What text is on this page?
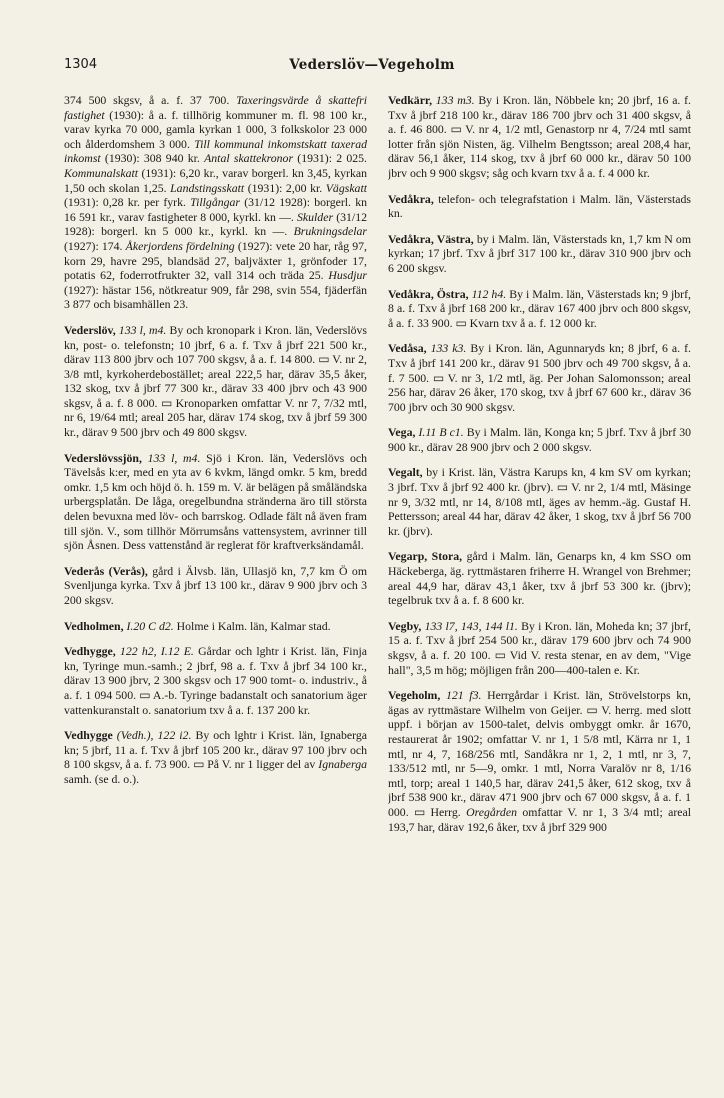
1304	Vederslöv—Vegeholm

374 500 skgsv, å a. f. 37 700. Taxeringsvärde å skattefri fastighet (1930): å a. f. tillhörig kommuner m. fl. 98 100 kr., varav kyrka 70 000, gamla kyrkan 1 000, 3 folkskolor 23 000 och ålderdomshem 3 000. Till kommunal inkomstskatt taxerad inkomst (1930): 308 940 kr. Antal skattekronor (1931): 2 025. Kommunalskatt (1931): 6,20 kr., varav borgerl. kn 3,45, kyrkan 1,50 och skolan 1,25. Landstingsskatt (1931): 2,00 kr. Vägskatt (1931): 0,28 kr. per fyrk. Tillgångar (31/12 1928): borgerl. kn 16 591 kr., varav fastigheter 8 000, kyrkl. kn —. Skulder (31/12 1928): borgerl. kn 5 000 kr., kyrkl. kn —. Brukningsdelar (1927): 174. Åkerjordens fördelning (1927): vete 20 har, råg 97, korn 29, havre 295, blandsäd 27, baljväxter 1, grönfoder 17, potatis 62, foderrotfrukter 32, vall 314 och träda 25. Husdjur (1927): hästar 156, nötkreatur 909, får 298, svin 554, fjäderfän 3 877 och bisamhällen 23.

Vederslöv, 133 l, m4. By och kronopark i Kron. län, Vederslövs kn, post- o. telefonstn; 10 jbrf, 6 a. f. Txv å jbrf 221 500 kr., därav 113 800 jbrv och 107 700 skgsv, å a. f. 14 800. ▭ V. nr 2, 3/8 mtl, kyrkoherdebostället; areal 222,5 har, därav 35,5 åker, 132 skog, txv å jbrf 77 300 kr., därav 33 400 jbrv och 43 900 skgsv, å a. f. 8 000. ▭ Kronoparken omfattar V. nr 7, 7/32 mtl, nr 6, 19/64 mtl; areal 205 har, därav 174 skog, txv å jbrf 59 300 kr., därav 9 500 jbrv och 49 800 skgsv.

Vederslövssjön, 133 l, m4. Sjö i Kron. län, Vederslövs och Tävelsås k:er, med en yta av 6 kvkm, längd omkr. 5 km, bredd omkr. 1,5 km och höjd ö. h. 159 m. V. är belägen på småländska urbergsplatån. De låga, oregelbundna stränderna äro till största delen bevuxna med löv- och barrskog. Odlade fält nå även fram till sjön. V., som tillhör Mörrumsåns vattensystem, avrinner till sjön Åsnen. Dess vattenstånd är reglerat för kraftverksändamål.

Vederås (Verås), gård i Älvsb. län, Ullasjö kn, 7,7 km Ö om Svenljunga kyrka. Txv å jbrf 13 100 kr., därav 9 900 jbrv och 3 200 skgsv.

Vedholmen, I.20 C d2. Holme i Kalm. län, Kalmar stad.

Vedhygge, 122 h2, I.12 E. Gårdar och lghtr i Krist. län, Finja kn, Tyringe mun.-samh.; 2 jbrf, 98 a. f. Txv å jbrf 34 100 kr., därav 13 900 jbrv, 2 300 skgsv och 17 900 tomt- o. industriv., å a. f. 1 094 500. ▭ A.-b. Tyringe badanstalt och sanatorium äger vattenkuranstalt o. sanatorium txv å a. f. 137 200 kr.

Vedhygge (Vedh.), 122 i2. By och lghtr i Krist. län, Ignaberga kn; 5 jbrf, 11 a. f. Txv å jbrf 105 200 kr., därav 97 100 jbrv och 8 100 skgsv, å a. f. 73 900. ▭ På V. nr 1 ligger del av Ignaberga samh. (se d. o.).

Vedkärr, 133 m3. By i Kron. län, Nöbbele kn; 20 jbrf, 16 a. f. Txv å jbrf 218 100 kr., därav 186 700 jbrv och 31 400 skgsv, å a. f. 46 800. ▭ V. nr 4, 1/2 mtl, Genastorp nr 4, 7/24 mtl samt lotter från sjön Nisten, äg. Vilhelm Bengtsson; areal 208,4 har, därav 56,1 åker, 114 skog, txv å jbrf 60 000 kr., därav 50 100 jbrv och 9 900 skgsv; såg och kvarn txv å a. f. 4 000 kr.

Vedåkra, telefon- och telegrafstation i Malm. län, Västerstads kn.

Vedåkra, Västra, by i Malm. län, Västerstads kn, 1,7 km N om kyrkan; 17 jbrf. Txv å jbrf 317 100 kr., därav 310 900 jbrv och 6 200 skgsv.

Vedåkra, Östra, 112 h4. By i Malm. län, Västerstads kn; 9 jbrf, 8 a. f. Txv å jbrf 168 200 kr., därav 167 400 jbrv och 800 skgsv, å a. f. 33 900. ▭ Kvarn txv å a. f. 12 000 kr.

Vedåsa, 133 k3. By i Kron. län, Agunnaryds kn; 8 jbrf, 6 a. f. Txv å jbrf 141 200 kr., därav 91 500 jbrv och 49 700 skgsv, å a. f. 7 500. ▭ V. nr 3, 1/2 mtl, äg. Per Johan Salomonsson; areal 256 har, därav 26 åker, 170 skog, txv å jbrf 67 600 kr., därav 36 700 jbrv och 30 900 skgsv.

Vega, I.11 B c1. By i Malm. län, Konga kn; 5 jbrf. Txv å jbrf 30 900 kr., därav 28 900 jbrv och 2 000 skgsv.

Vegalt, by i Krist. län, Västra Karups kn, 4 km SV om kyrkan; 3 jbrf. Txv å jbrf 92 400 kr. (jbrv). ▭ V. nr 2, 1/4 mtl, Mäsinge nr 9, 3/32 mtl, nr 14, 8/108 mtl, äges av hemm.-äg. Gustaf H. Pettersson; areal 44 har, därav 42 åker, 1 skog, txv å jbrf 56 700 kr. (jbrv).

Vegarp, Stora, gård i Malm. län, Genarps kn, 4 km SSO om Häckeberga, äg. ryttmästaren friherre H. Wrangel von Brehmer; areal 44,9 har, därav 43,1 åker, txv å jbrf 53 300 kr. (jbrv); tegelbruk txv å a. f. 8 600 kr.

Vegby, 133 l7, 143, 144 l1. By i Kron. län, Moheda kn; 37 jbrf, 15 a. f. Txv å jbrf 254 500 kr., därav 179 600 jbrv och 74 900 skgsv, å a. f. 20 100. ▭ Vid V. resta stenar, en av dem, "Vige hall", 3,5 m hög; möjligen från 200—400-talen e. Kr.

Vegeholm, 121 f3. Herrgårdar i Krist. län, Strövelstorps kn, ägas av ryttmästare Wilhelm von Geijer. ▭ V. herrg. med slott uppf. i början av 1500-talet, delvis ombyggt omkr. år 1670, restaurerat år 1902; omfattar V. nr 1, 1 5/8 mtl, Kärra nr 1, 1 mtl, nr 4, 7, 168/256 mtl, Sandåkra nr 1, 2, 1 mtl, nr 3, 7, 133/512 mtl, nr 5—9, omkr. 1 mtl, Norra Varalöv nr 8, 1/16 mtl, torp; areal 1 140,5 har, därav 241,5 åker, 612 skog, txv å jbrf 538 900 kr., därav 471 900 jbrv och 67 000 skgsv, å a. f. 1 000. ▭ Herrg. Oregården omfattar V. nr 1, 3 3/4 mtl; areal 193,7 har, därav 192,6 åker, txv å jbrf 329 900
